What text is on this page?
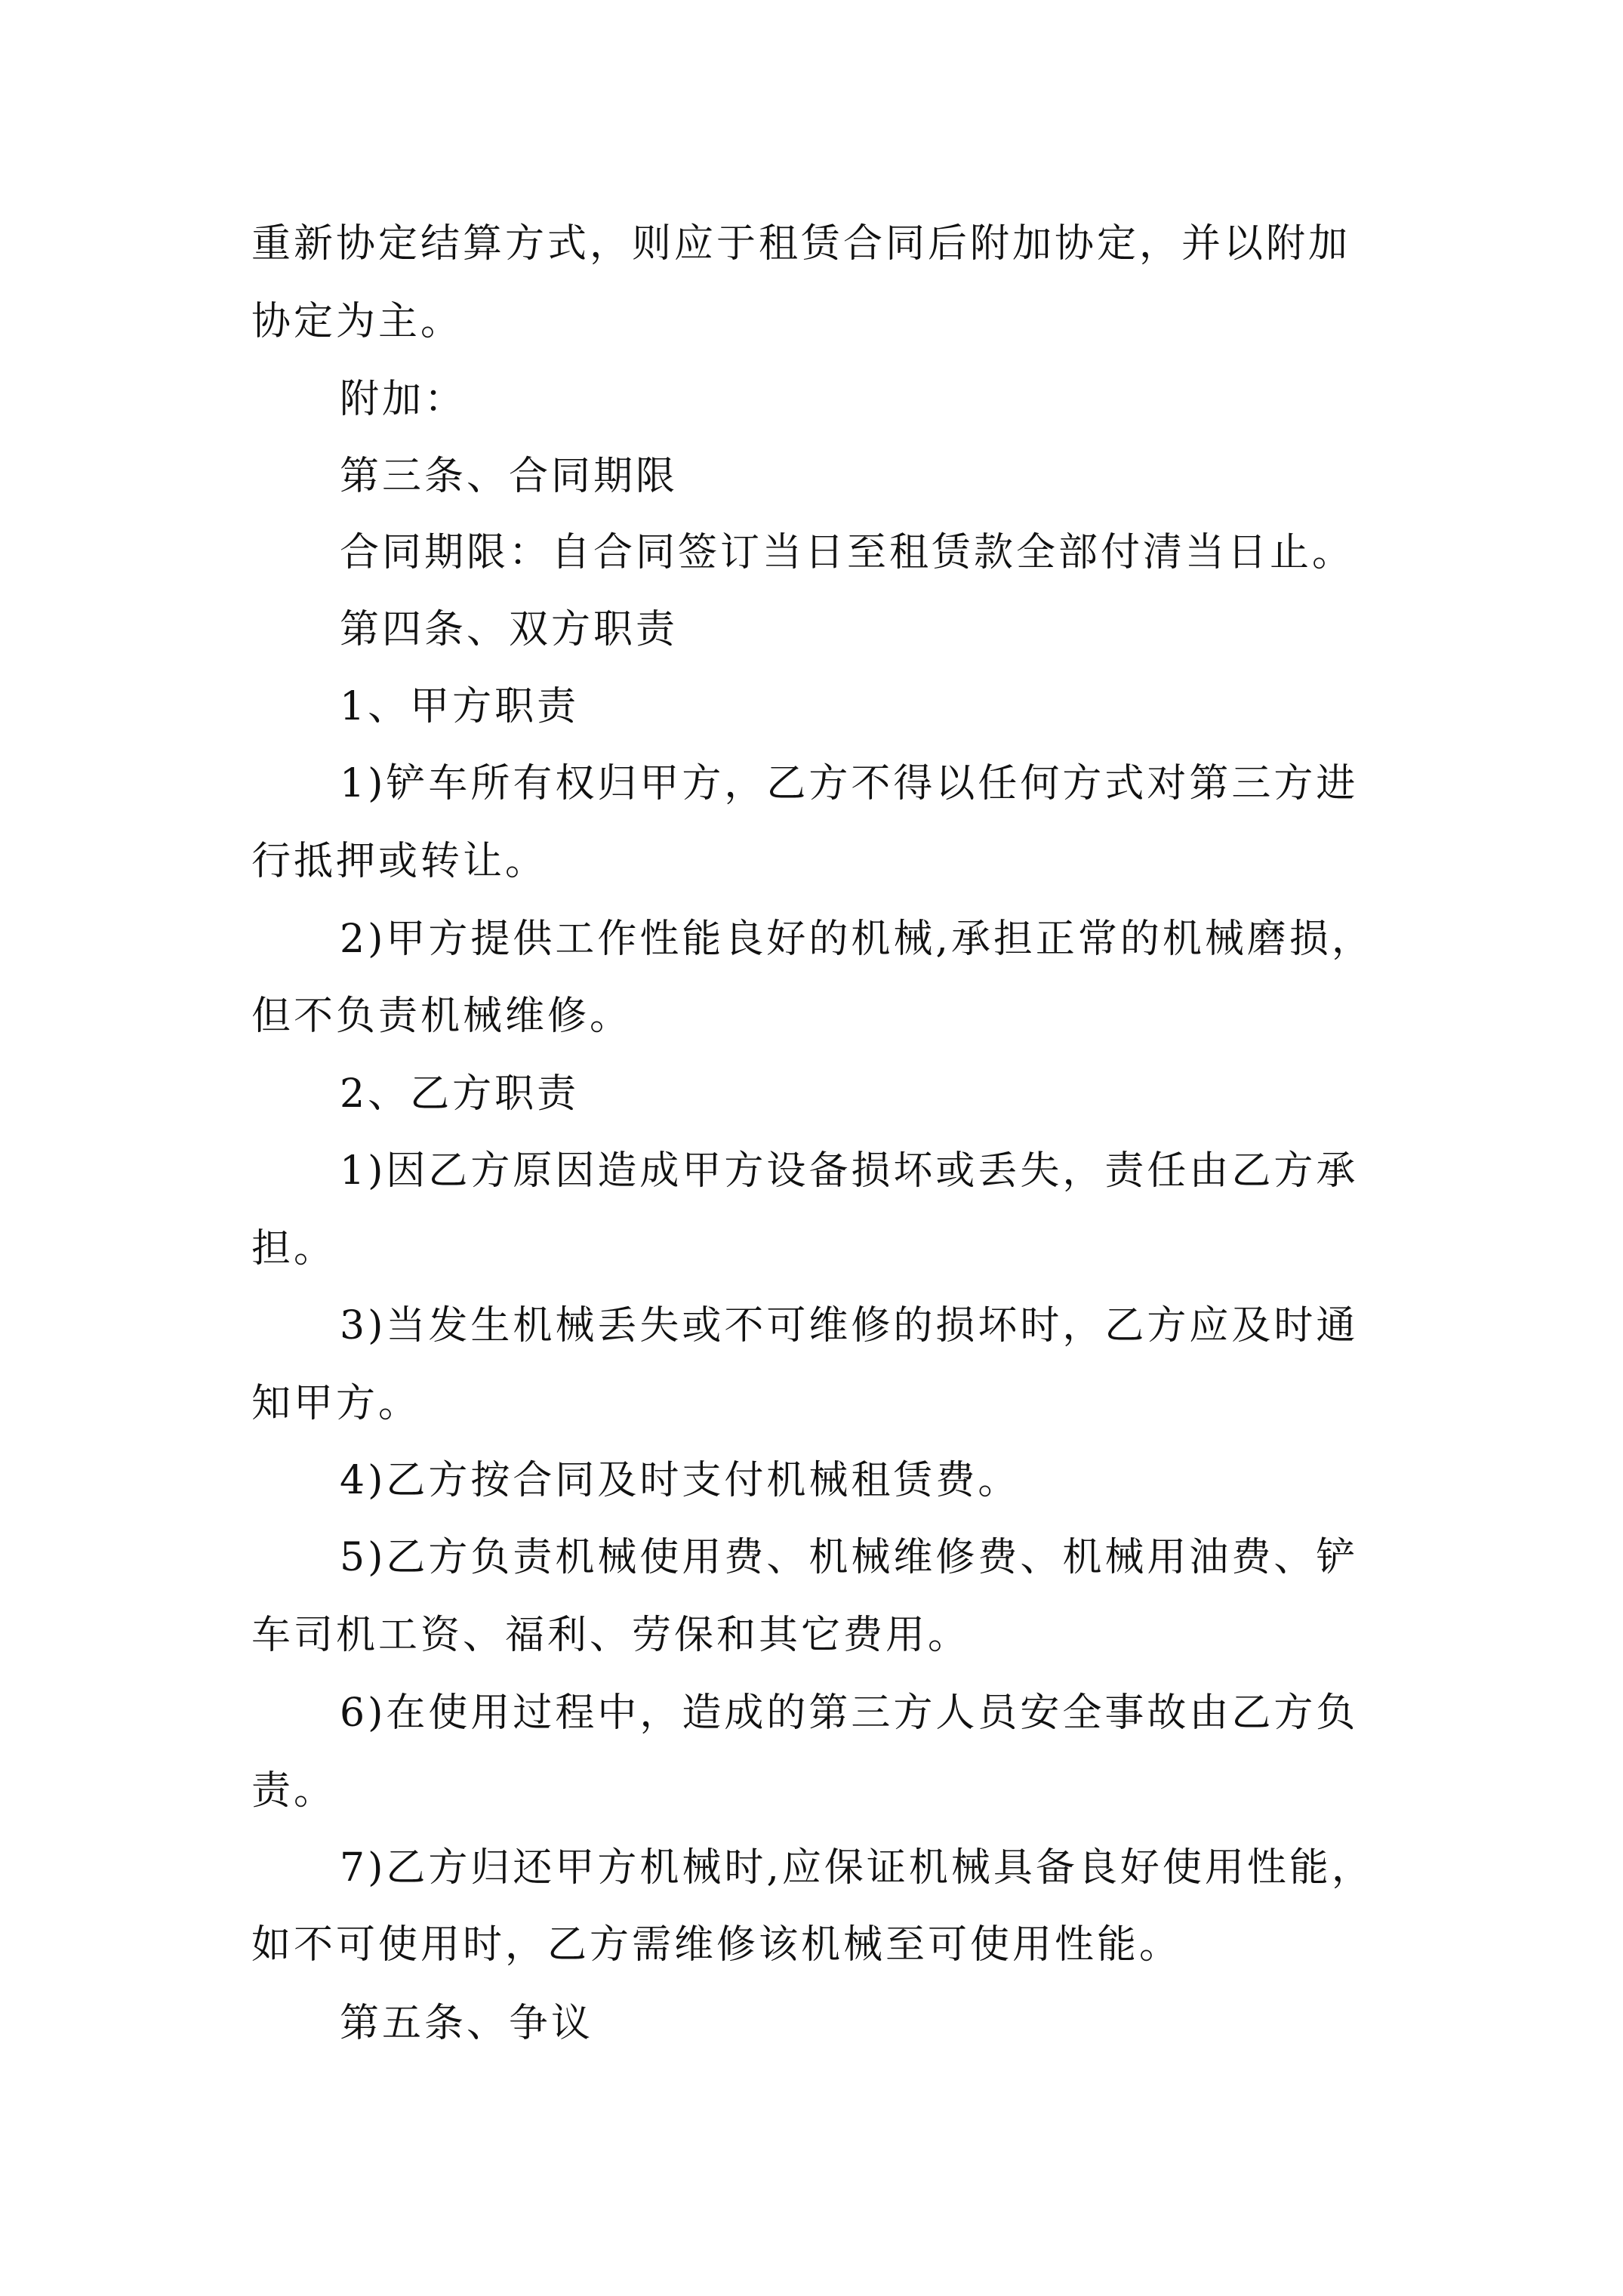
重新协定结算方式，则应于租赁合同后附加协定，并以附加
协定为主。
附加：
第三条、合同期限
合同期限：自合同签订当日至租赁款全部付清当日止。
第四条、双方职责
1、甲方职责
1)铲车所有权归甲方，乙方不得以任何方式对第三方进
行抵押或转让。
2)甲方提供工作性能良好的机械,承担正常的机械磨损，
但不负责机械维修。
2、乙方职责
1)因乙方原因造成甲方设备损坏或丢失，责任由乙方承
担。
3)当发生机械丢失或不可维修的损坏时，乙方应及时通
知甲方。
4)乙方按合同及时支付机械租赁费。
5)乙方负责机械使用费、机械维修费、机械用油费、铲
车司机工资、福利、劳保和其它费用。
6)在使用过程中，造成的第三方人员安全事故由乙方负
责。
7)乙方归还甲方机械时,应保证机械具备良好使用性能，
如不可使用时，乙方需维修该机械至可使用性能。
第五条、争议
